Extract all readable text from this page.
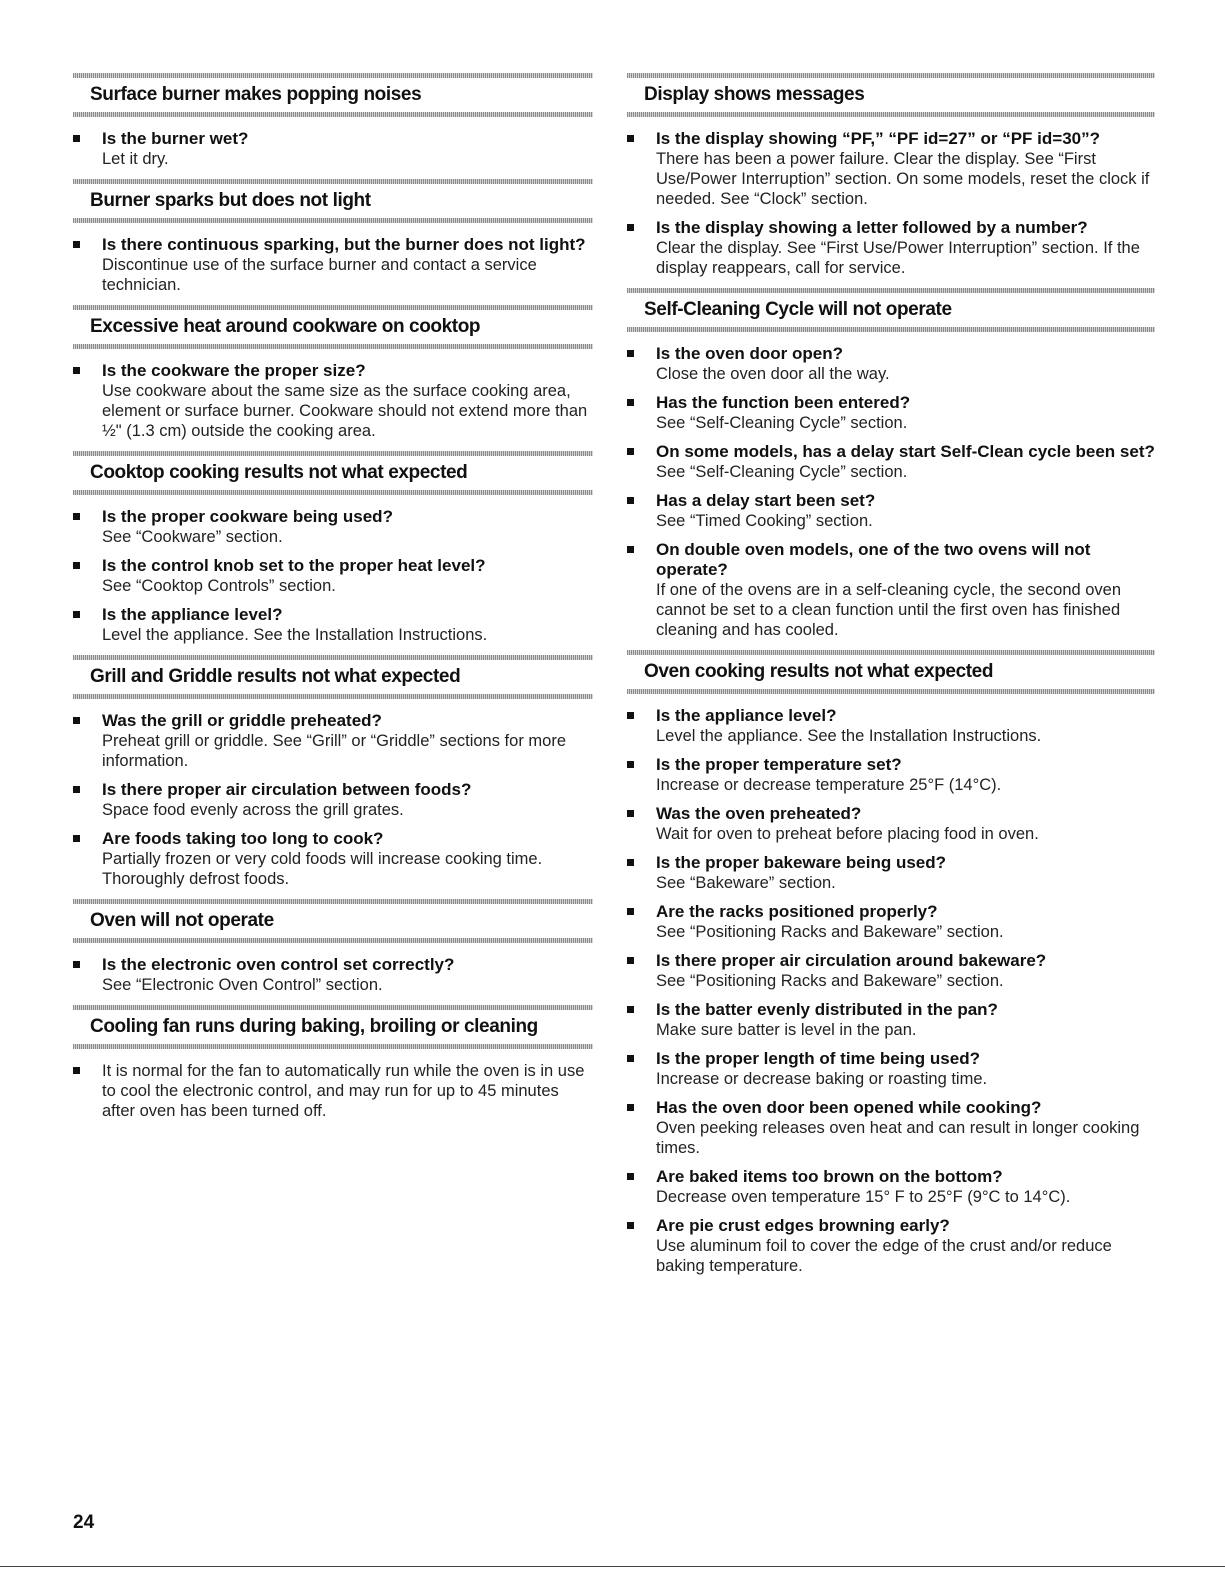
Surface burner makes popping noises
Is the burner wet?
Let it dry.
Burner sparks but does not light
Is there continuous sparking, but the burner does not light?
Discontinue use of the surface burner and contact a service technician.
Excessive heat around cookware on cooktop
Is the cookware the proper size?
Use cookware about the same size as the surface cooking area, element or surface burner. Cookware should not extend more than ½" (1.3 cm) outside the cooking area.
Cooktop cooking results not what expected
Is the proper cookware being used?
See “Cookware” section.
Is the control knob set to the proper heat level?
See “Cooktop Controls” section.
Is the appliance level?
Level the appliance. See the Installation Instructions.
Grill and Griddle results not what expected
Was the grill or griddle preheated?
Preheat grill or griddle. See “Grill” or “Griddle” sections for more information.
Is there proper air circulation between foods?
Space food evenly across the grill grates.
Are foods taking too long to cook?
Partially frozen or very cold foods will increase cooking time. Thoroughly defrost foods.
Oven will not operate
Is the electronic oven control set correctly?
See “Electronic Oven Control” section.
Cooling fan runs during baking, broiling or cleaning
It is normal for the fan to automatically run while the oven is in use to cool the electronic control, and may run for up to 45 minutes after oven has been turned off.
Display shows messages
Is the display showing “PF,” “PF id=27” or “PF id=30”?
There has been a power failure. Clear the display. See “First Use/Power Interruption” section. On some models, reset the clock if needed. See “Clock” section.
Is the display showing a letter followed by a number?
Clear the display. See “First Use/Power Interruption” section. If the display reappears, call for service.
Self-Cleaning Cycle will not operate
Is the oven door open?
Close the oven door all the way.
Has the function been entered?
See “Self-Cleaning Cycle” section.
On some models, has a delay start Self-Clean cycle been set?
See “Self-Cleaning Cycle” section.
Has a delay start been set?
See “Timed Cooking” section.
On double oven models, one of the two ovens will not operate?
If one of the ovens are in a self-cleaning cycle, the second oven cannot be set to a clean function until the first oven has finished cleaning and has cooled.
Oven cooking results not what expected
Is the appliance level?
Level the appliance. See the Installation Instructions.
Is the proper temperature set?
Increase or decrease temperature 25°F (14°C).
Was the oven preheated?
Wait for oven to preheat before placing food in oven.
Is the proper bakeware being used?
See “Bakeware” section.
Are the racks positioned properly?
See “Positioning Racks and Bakeware” section.
Is there proper air circulation around bakeware?
See “Positioning Racks and Bakeware” section.
Is the batter evenly distributed in the pan?
Make sure batter is level in the pan.
Is the proper length of time being used?
Increase or decrease baking or roasting time.
Has the oven door been opened while cooking?
Oven peeking releases oven heat and can result in longer cooking times.
Are baked items too brown on the bottom?
Decrease oven temperature 15° F to 25°F (9°C to 14°C).
Are pie crust edges browning early?
Use aluminum foil to cover the edge of the crust and/or reduce baking temperature.
24
